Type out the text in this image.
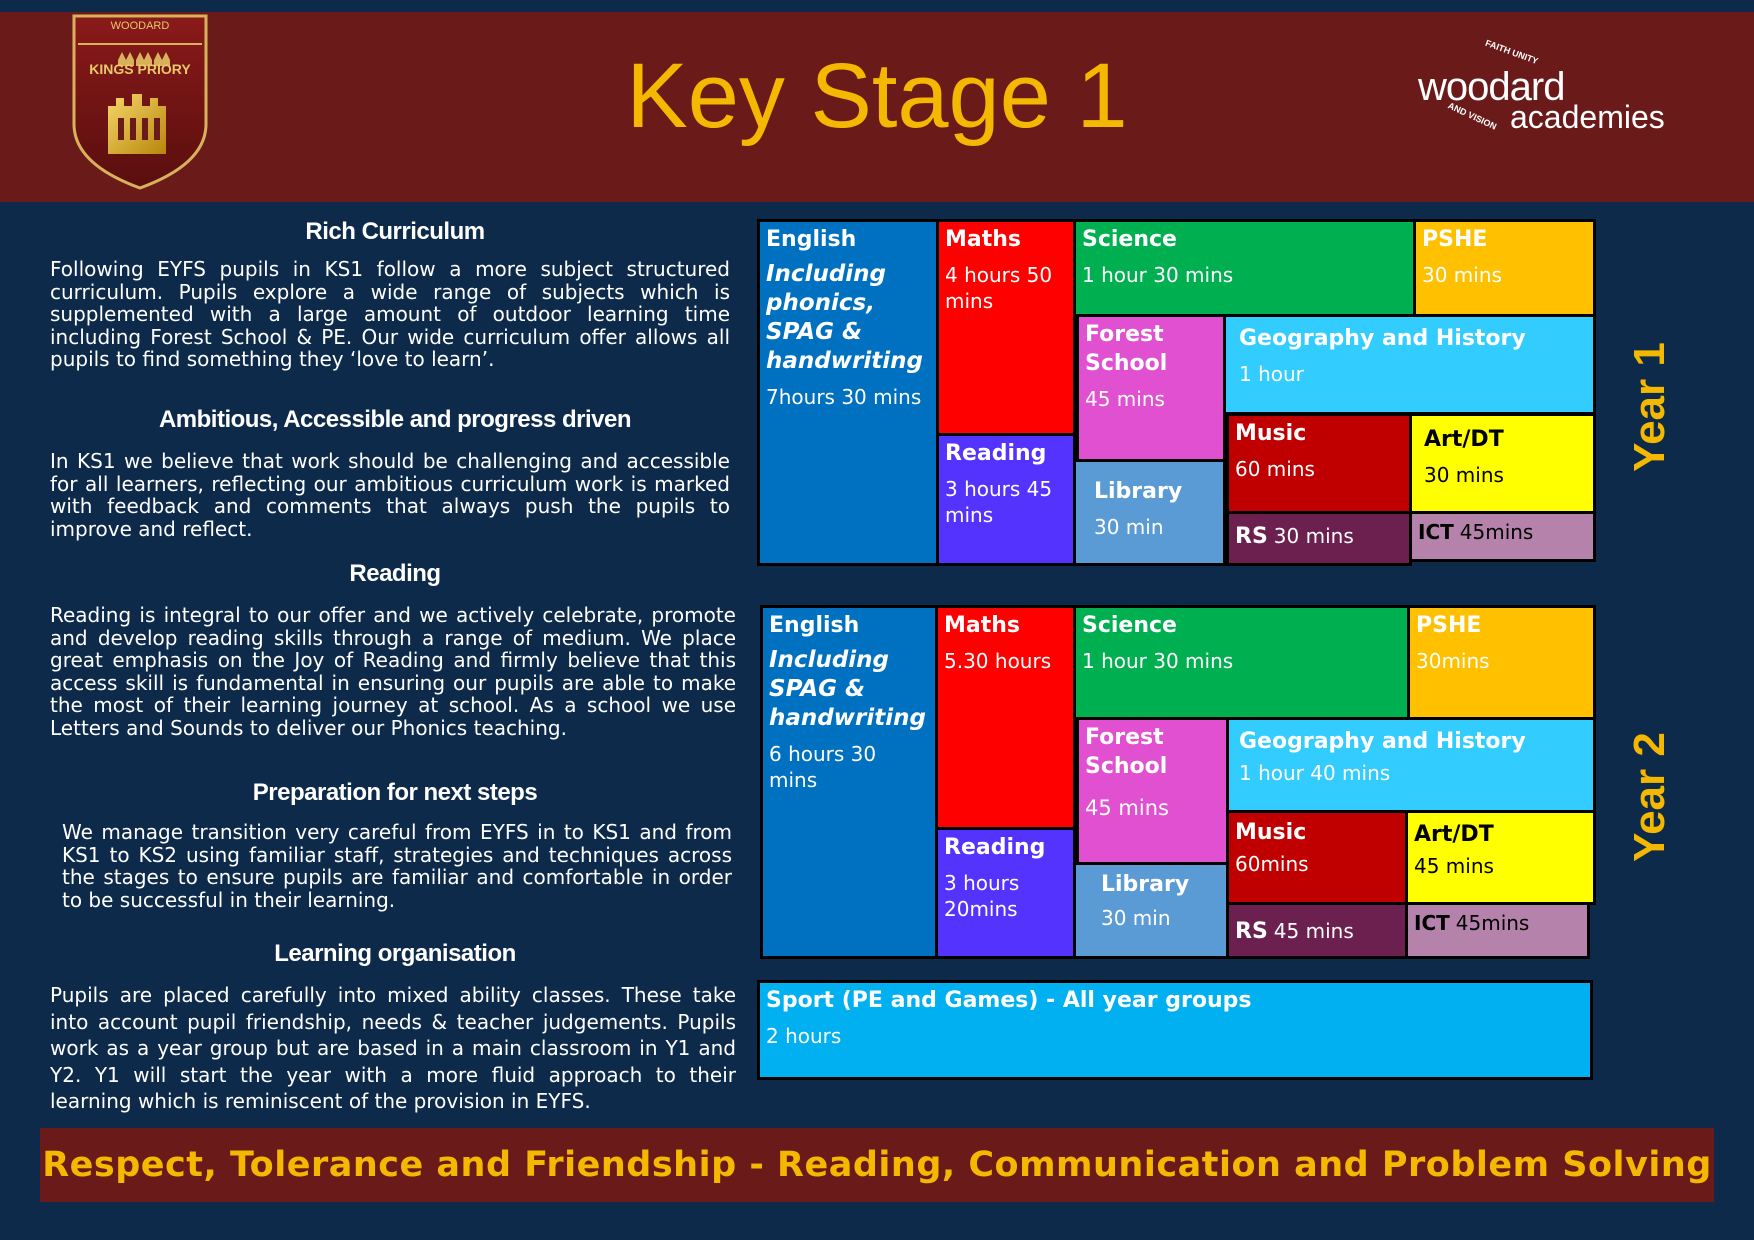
WOODARD
KINGS PRIORY	Key Stage 1	FAITH UNITY
woodard
AND VISION academies
Rich Curriculum
Following EYFS pupils in KS1 follow a more subject structured curriculum. Pupils explore a wide range of subjects which is supplemented with a large amount of outdoor learning time including Forest School & PE. Our wide curriculum offer allows all pupils to find something they ‘love to learn’.
Ambitious, Accessible and progress driven
In KS1 we believe that work should be challenging and accessible for all learners, reflecting our ambitious curriculum work is marked with feedback and comments that always push the pupils to improve and reflect.
Reading
Reading is integral to our offer and we actively celebrate, promote and develop reading skills through a range of medium. We place great emphasis on the Joy of Reading and firmly believe that this access skill is fundamental in ensuring our pupils are able to make the most of their learning journey at school. As a school we use Letters and Sounds to deliver our Phonics teaching.
Preparation for next steps
We manage transition very careful from EYFS in to KS1 and from KS1 to KS2 using familiar staff, strategies and techniques across the stages to ensure pupils are familiar and comfortable in order to be successful in their learning.
Learning organisation
Pupils are placed carefully into mixed ability classes. These take into account pupil friendship, needs & teacher judgements. Pupils work as a year group but are based in a main classroom in Y1 and Y2. Y1 will start the year with a more fluid approach to their learning which is reminiscent of the provision in EYFS.
English
Including phonics, SPAG & handwriting
7hours 30 mins
Maths
4 hours 50 mins
Science
1 hour 30 mins
PSHE
30 mins
Forest School
45 mins
Geography and History
1 hour
Music
60 mins
Art/DT
30 mins
Reading
3 hours 45 mins
Library
30 min	RS 30 mins	ICT 45mins
Year 1
English
Including SPAG & handwriting
6 hours 30 mins
Maths
5.30 hours
Science
1 hour 30 mins
PSHE
30mins
Forest School
45 mins
Geography and History
1 hour 40 mins
Music
60mins
Art/DT
45 mins
Reading
3 hours 20mins
Library
30 min
RS 45 mins	ICT 45mins
Year 2
Sport (PE and Games) - All year groups
2 hours
Respect, Tolerance and Friendship - Reading, Communication and Problem Solving
